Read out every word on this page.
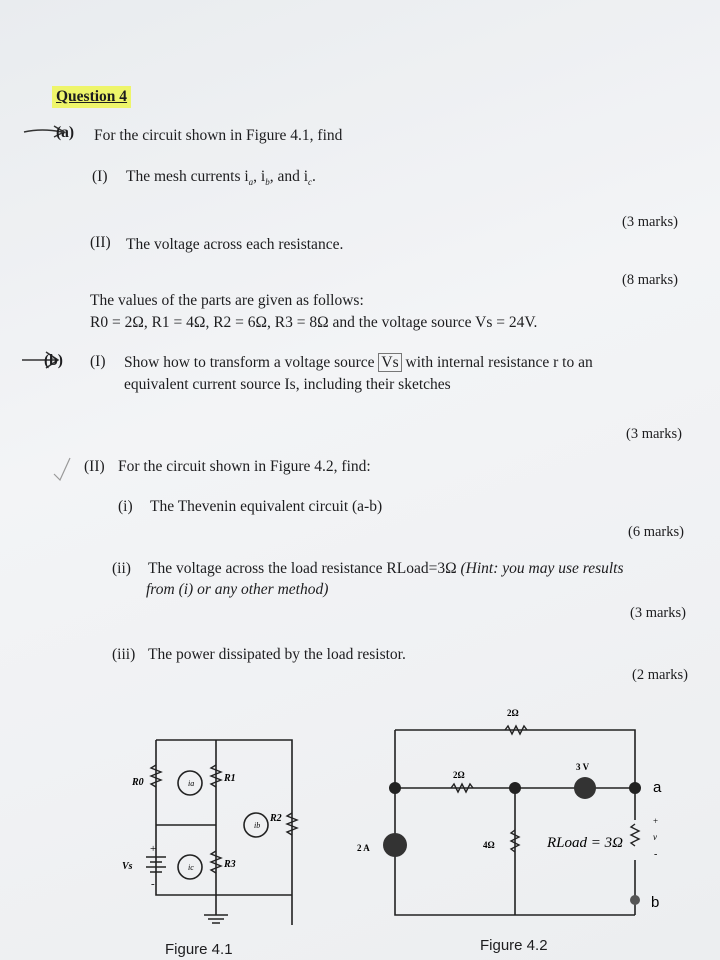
Question 4
(a) For the circuit shown in Figure 4.1, find
(I) The mesh currents $i_a$, $i_b$, and $i_c$.
(3 marks)
(II) The voltage across each resistance.
(8 marks)
The values of the parts are given as follows:
R0 = 2Ω, R1 = 4Ω, R2 = 6Ω, R3 = 8Ω and the voltage source Vs = 24V.
(b) (I) Show how to transform a voltage source Vs with internal resistance r to an
equivalent current source Is, including their sketches
(3 marks)
(II) For the circuit shown in Figure 4.2, find:
(i) The Thevenin equivalent circuit (a-b)
(6 marks)
(ii) The voltage across the load resistance RLoad=3Ω (Hint: you may use results
from (i) or any other method)
(3 marks)
(iii) The power dissipated by the load resistor.
(2 marks)
R0	R1
R2
R3
Vs
+
-
ia
ib
ic
Figure 4.1
2Ω
2Ω
4Ω
3 V
2 A	RLoad = 3Ω
a
b
+
v
-
Figure 4.2
